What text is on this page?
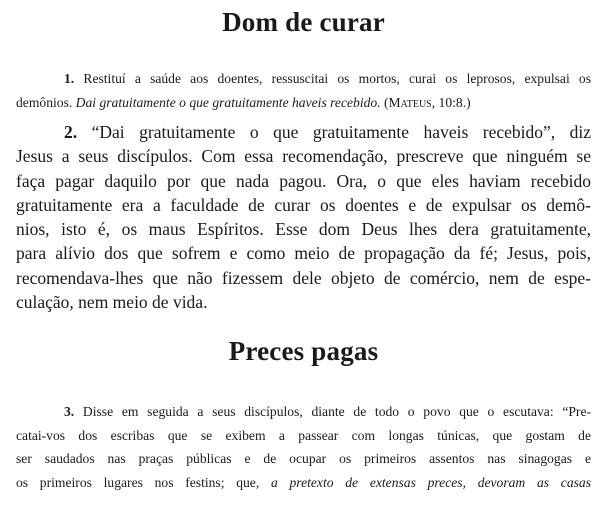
Dom de curar
1. Restituí a saúde aos doentes, ressuscitai os mortos, curai os leprosos, expulsai os
demônios. Dai gratuitamente o que gratuitamente haveis recebido. (Mateus, 10:8.)
2. “Dai gratuitamente o que gratuitamente haveis recebido”, diz
Jesus a seus discípulos. Com essa recomendação, prescreve que ninguém se
faça pagar daquilo por que nada pagou. Ora, o que eles haviam recebido
gratuitamente era a faculdade de curar os doentes e de expulsar os demô-
nios, isto é, os maus Espíritos. Esse dom Deus lhes dera gratuitamente,
para alívio dos que sofrem e como meio de propagação da fé; Jesus, pois,
recomendava-lhes que não fizessem dele objeto de comércio, nem de espe-
culação, nem meio de vida.
Preces pagas
3. Disse em seguida a seus discípulos, diante de todo o povo que o escutava: “Pre-
catai-vos dos escribas que se exibem a passear com longas túnicas, que gostam de
ser saudados nas praças públicas e de ocupar os primeiros assentos nas sinagogas e
os primeiros lugares nos festins; que, a pretexto de extensas preces, devoram as casas
